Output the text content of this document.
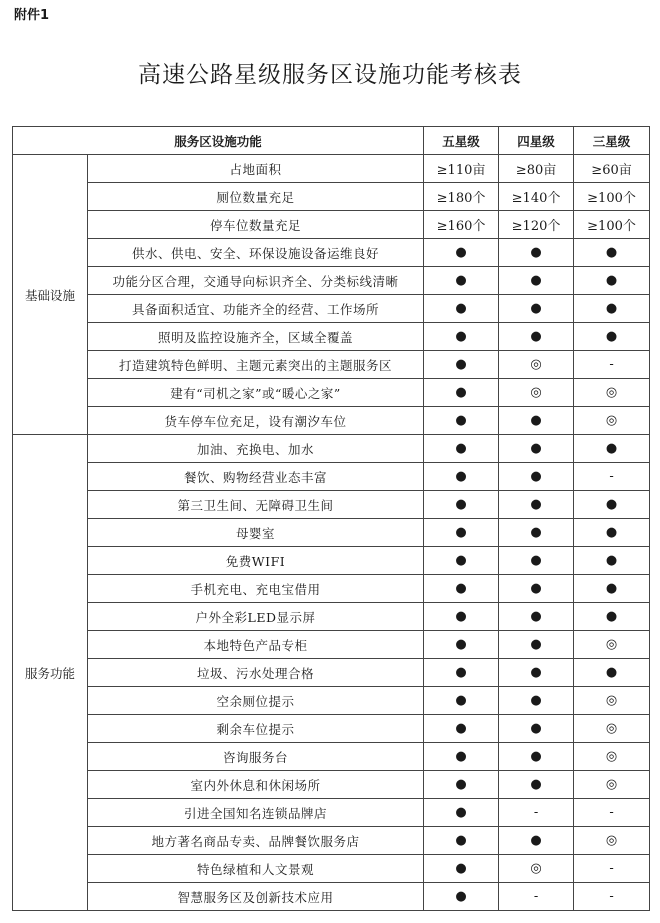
附件1
高速公路星级服务区设施功能考核表
服务区设施功能		五星级	四星级	三星级
基础设施	占地面积	≥110亩	≥80亩	≥60亩
	厕位数量充足	≥180个	≥140个	≥100个
	停车位数量充足	≥160个	≥120个	≥100个
	供水、供电、安全、环保设施设备运维良好	●	●	●
	功能分区合理，交通导向标识齐全、分类标线清晰	●	●	●
	具备面积适宜、功能齐全的经营、工作场所	●	●	●
	照明及监控设施齐全，区域全覆盖	●	●	●
	打造建筑特色鲜明、主题元素突出的主题服务区	●	◎	-
	建有“司机之家”或“暖心之家”	●	◎	◎
	货车停车位充足，设有潮汐车位	●	●	◎
服务功能	加油、充换电、加水	●	●	●
	餐饮、购物经营业态丰富	●	●	-
	第三卫生间、无障碍卫生间	●	●	●
	母婴室	●	●	●
	免费WIFI	●	●	●
	手机充电、充电宝借用	●	●	●
	户外全彩LED显示屏	●	●	●
	本地特色产品专柜	●	●	◎
	垃圾、污水处理合格	●	●	●
	空余厕位提示	●	●	◎
	剩余车位提示	●	●	◎
	咨询服务台	●	●	◎
	室内外休息和休闲场所	●	●	◎
	引进全国知名连锁品牌店	●	-	-
	地方著名商品专卖、品牌餐饮服务店	●	●	◎
	特色绿植和人文景观	●	◎	-
	智慧服务区及创新技术应用	●	-	-
